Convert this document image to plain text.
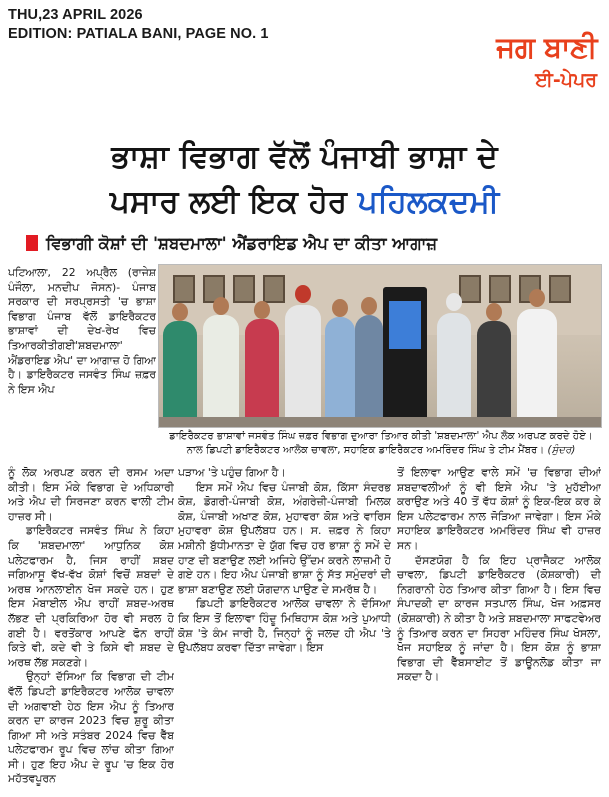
THU,23 APRIL 2026
EDITION: PATIALA BANI, PAGE NO. 1	ਜਗ ਬਾਣੀ
ਈ-ਪੇਪਰ
ਭਾਸ਼ਾ ਵਿਭਾਗ ਵੱਲੋਂ ਪੰਜਾਬੀ ਭਾਸ਼ਾ ਦੇ
ਪਸਾਰ ਲਈ ਇਕ ਹੋਰ ਪਹਿਲਕਦਮੀ
ਵਿਭਾਗੀ ਕੋਸ਼ਾਂ ਦੀ 'ਸ਼ਬਦਮਾਲਾ' ਐਂਡਰਾਇਡ ਐਪ ਦਾ ਕੀਤਾ ਆਗਾਜ਼

ਪਟਿਆਲਾ, 22 ਅਪ੍ਰੈਲ (ਰਾਜੇਸ਼ ਪੰਜੌਲਾ, ਮਨਦੀਪ ਜੋਸਨ)- ਪੰਜਾਬ ਸਰਕਾਰ ਦੀ ਸਰਪ੍ਰਸਤੀ 'ਚ ਭਾਸ਼ਾ ਵਿਭਾਗ ਪੰਜਾਬ ਵੱਲੋਂ ਡਾਇਰੈਕਟਰ ਭਾਸ਼ਾਵਾਂ ਦੀ ਦੇਖ-ਰੇਖ ਵਿਚ ਤਿਆਰਕੀਤੀਗਈ'ਸ਼ਬਦਮਾਲਾ' ਐਂਡਰਾਇਡ ਐਪ' ਦਾ ਆਗਾਜ਼ ਹੋ ਗਿਆ ਹੈ। ਡਾਇਰੈਕਟਰ ਜਸਵੰਤ ਸਿੰਘ ਜ਼ਫ਼ਰ ਨੇ ਇਸ ਐਪ

ਡਾਇਰੈਕਟਰ ਭਾਸ਼ਾਵਾਂ ਜਸਵੰਤ ਸਿੰਘ ਜ਼ਫ਼ਰ ਵਿਭਾਗ ਦੁਆਰਾ ਤਿਆਰ ਕੀਤੀ 'ਸ਼ਬਦਮਾਲਾ' ਐਪ ਲੋਕ ਅਰਪਣ ਕਰਦੇ ਹੋਏ। ਨਾਲ ਡਿਪਟੀ ਡਾਇਰੈਕਟਰ ਆਲੋਕ ਚਾਵਲਾ, ਸਹਾਇਕ ਡਾਇਰੈਕਟਰ ਅਮਰਿੰਦਰ ਸਿੰਘ ਤੇ ਟੀਮ ਮੈਂਬਰ। (ਸੁੰਦਰ)

ਨੂੰ ਲੋਕ ਅਰਪਣ ਕਰਨ ਦੀ ਰਸਮ ਅਦਾ ਕੀਤੀ। ਇਸ ਮੌਕੇ ਵਿਭਾਗ ਦੇ ਅਧਿਕਾਰੀ ਅਤੇ ਐਪ ਦੀ ਸਿਰਜਣਾ ਕਰਨ ਵਾਲੀ ਟੀਮ ਹਾਜ਼ਰ ਸੀ।

ਡਾਇਰੈਕਟਰ ਜਸਵੰਤ ਸਿੰਘ ਨੇ ਕਿਹਾ ਕਿ 'ਸ਼ਬਦਮਾਲਾ' ਆਧੁਨਿਕ ਕੋਸ਼ ਪਲੇਟਫਾਰਮ ਹੈ, ਜਿਸ ਰਾਹੀਂ ਸ਼ਬਦ ਜਗਿਆਸੂ ਵੱਖ-ਵੱਖ ਕੋਸ਼ਾਂ ਵਿਚੋਂ ਸ਼ਬਦਾਂ ਦੇ ਅਰਥ ਆਨਲਾਈਨ ਖੋਜ ਸਕਦੇ ਹਨ। ਹੁਣ ਇਸ ਮੋਬਾਈਲ ਐਪ ਰਾਹੀਂ ਸ਼ਬਦ-ਅਰਥ ਲੱਭਣ ਦੀ ਪ੍ਰਕਿਰਿਆ ਹੋਰ ਵੀ ਸਰਲ ਹੋ ਗਈ ਹੈ। ਵਰਤੋਂਕਾਰ ਆਪਣੇ ਫੋਨ ਰਾਹੀਂ ਕਿਤੇ ਵੀ, ਕਦੇ ਵੀ ਤੇ ਕਿਸੇ ਵੀ ਸ਼ਬਦ ਦੇ ਅਰਥ ਲੱਭ ਸਕਣਗੇ।

ਉਨ੍ਹਾਂ ਦੱਸਿਆ ਕਿ ਵਿਭਾਗ ਦੀ ਟੀਮ ਵੱਲੋਂ ਡਿਪਟੀ ਡਾਇਰੈਕਟਰ ਆਲੋਕ ਚਾਵਲਾ ਦੀ ਅਗਵਾਈ ਹੇਠ ਇਸ ਐਪ ਨੂੰ ਤਿਆਰ ਕਰਨ ਦਾ ਕਾਰਜ 2023 ਵਿਚ ਸ਼ੁਰੂ ਕੀਤਾ ਗਿਆ ਸੀ ਅਤੇ ਸਤੰਬਰ 2024 ਵਿਚ ਵੈੱਬ ਪਲੇਟਫਾਰਮ ਰੂਪ ਵਿਚ ਲਾਂਚ ਕੀਤਾ ਗਿਆ ਸੀ। ਹੁਣ ਇਹ ਐਪ ਦੇ ਰੂਪ 'ਚ ਇਕ ਹੋਰ ਮਹੱਤਵਪੂਰਨ

ਪੜਾਅ 'ਤੇ ਪਹੁੰਚ ਗਿਆ ਹੈ।

ਇਸ ਸਮੇਂ ਐਪ ਵਿਚ ਪੰਜਾਬੀ ਕੋਸ਼, ਕਿੱਸਾ ਸੰਦਰਭ ਕੋਸ਼, ਡੋਗਰੀ-ਪੰਜਾਬੀ ਕੋਸ਼, ਅੰਗਰੇਜ਼ੀ-ਪੰਜਾਬੀ ਮਿਲਕ ਕੋਸ਼, ਪੰਜਾਬੀ ਅਖਾਣ ਕੋਸ਼, ਮੁਹਾਵਰਾ ਕੋਸ਼ ਅਤੇ ਵਾਰਿਸ ਮੁਹਾਵਰਾ ਕੋਸ਼ ਉਪਲੱਬਧ ਹਨ। ਸ. ਜ਼ਫ਼ਰ ਨੇ ਕਿਹਾ ਮਸ਼ੀਨੀ ਬੁੱਧੀਮਾਨਤਾ ਦੇ ਯੁੱਗ ਵਿਚ ਹਰ ਭਾਸ਼ਾ ਨੂੰ ਸਮੇਂ ਦੇ ਹਾਣ ਦੀ ਬਣਾਉਣ ਲਈ ਅਜਿਹੇ ਉੱਦਮ ਕਰਨੇ ਲਾਜ਼ਮੀ ਹੋ ਗਏ ਹਨ। ਇਹ ਐਪ ਪੰਜਾਬੀ ਭਾਸ਼ਾ ਨੂੰ ਸੱਤ ਸਮੁੰਦਰਾਂ ਦੀ ਭਾਸ਼ਾ ਬਣਾਉਣ ਲਈ ਯੋਗਦਾਨ ਪਾਉਣ ਦੇ ਸਮਰੱਥ ਹੈ।

ਡਿਪਟੀ ਡਾਇਰੈਕਟਰ ਆਲੋਕ ਚਾਵਲਾ ਨੇ ਦੱਸਿਆ ਕਿ ਇਸ ਤੋਂ ਇਲਾਵਾ ਹਿੰਦੂ ਮਿਥਿਹਾਸ ਕੋਸ਼ ਅਤੇ ਪੁਆਧੀ ਕੋਸ਼ 'ਤੇ ਕੰਮ ਜਾਰੀ ਹੈ, ਜਿਨ੍ਹਾਂ ਨੂੰ ਜਲਦ ਹੀ ਐਪ 'ਤੇ ਉਪਲੱਬਧ ਕਰਵਾ ਦਿੱਤਾ ਜਾਵੇਗਾ। ਇਸ

ਤੋਂ ਇਲਾਵਾ ਆਉਣ ਵਾਲੇ ਸਮੇਂ 'ਚ ਵਿਭਾਗ ਦੀਆਂ ਸ਼ਬਦਾਵਲੀਆਂ ਨੂੰ ਵੀ ਇਸੇ ਐਪ 'ਤੇ ਮੁਹੱਈਆ ਕਰਾਉਣ ਅਤੇ 40 ਤੋਂ ਵੱਧ ਕੋਸ਼ਾਂ ਨੂੰ ਇਕ-ਇਕ ਕਰ ਕੇ ਇਸ ਪਲੇਟਫਾਰਮ ਨਾਲ ਜੋੜਿਆ ਜਾਵੇਗਾ। ਇਸ ਮੌਕੇ ਸਹਾਇਕ ਡਾਇਰੈਕਟਰ ਅਮਰਿੰਦਰ ਸਿੰਘ ਵੀ ਹਾਜ਼ਰ ਸਨ।

ਦੱਸਣਯੋਗ ਹੈ ਕਿ ਇਹ ਪ੍ਰਾਜੈਕਟ ਆਲੋਕ ਚਾਵਲਾ, ਡਿਪਟੀ ਡਾਇਰੈਕਟਰ (ਕੋਸ਼ਕਾਰੀ) ਦੀ ਨਿਗਰਾਨੀ ਹੇਠ ਤਿਆਰ ਕੀਤਾ ਗਿਆ ਹੈ। ਇਸ ਵਿਚ ਸੰਪਾਦਕੀ ਦਾ ਕਾਰਜ ਸਤਪਾਲ ਸਿੰਘ, ਖੋਜ ਅਫ਼ਸਰ (ਕੋਸ਼ਕਾਰੀ) ਨੇ ਕੀਤਾ ਹੈ ਅਤੇ ਸ਼ਬਦਮਾਲਾ ਸਾਫਟਵੇਅਰ ਨੂੰ ਤਿਆਰ ਕਰਨ ਦਾ ਸਿਹਰਾ ਮਹਿੰਦਰ ਸਿੰਘ ਖੋਸਲਾ, ਖੋਜ ਸਹਾਇਕ ਨੂੰ ਜਾਂਦਾ ਹੈ। ਇਸ ਕੋਸ਼ ਨੂੰ ਭਾਸ਼ਾ ਵਿਭਾਗ ਦੀ ਵੈੱਬਸਾਈਟ ਤੋਂ ਡਾਊਨਲੋਡ ਕੀਤਾ ਜਾ ਸਕਦਾ ਹੈ।
